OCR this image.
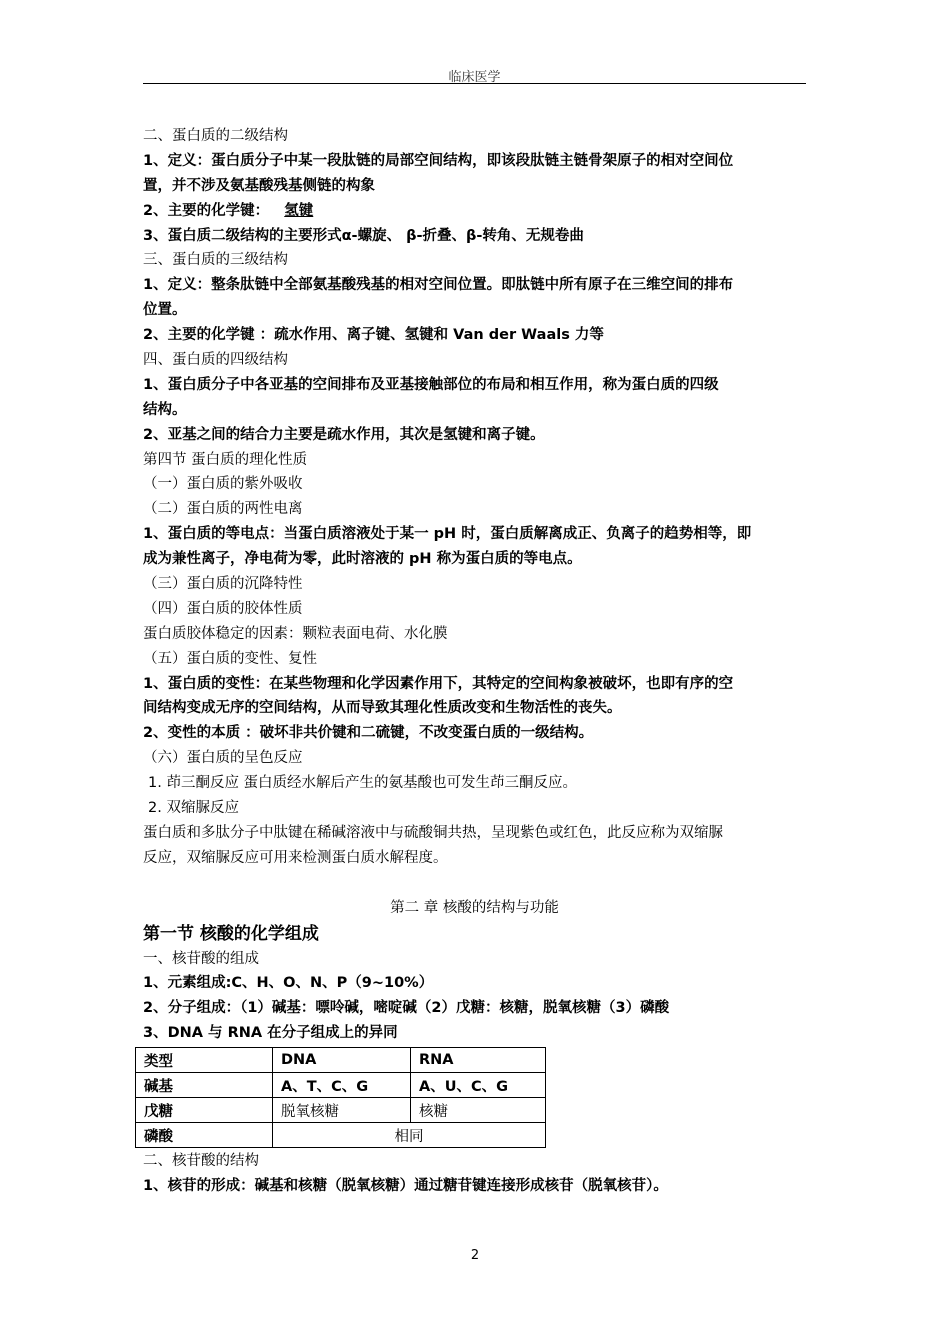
临床医学
二、蛋白质的二级结构
1、定义：蛋白质分子中某一段肽链的局部空间结构，即该段肽链主链骨架原子的相对空间位
置，并不涉及氨基酸残基侧链的构象
2、主要的化学键： 氢键
3、蛋白质二级结构的主要形式α-螺旋、 β-折叠、β-转角、无规卷曲
三、蛋白质的三级结构
1、定义：整条肽链中全部氨基酸残基的相对空间位置。即肽链中所有原子在三维空间的排布
位置。
2、主要的化学键 ：疏水作用、离子键、氢键和 Van der Waals 力等
四、蛋白质的四级结构
1、蛋白质分子中各亚基的空间排布及亚基接触部位的布局和相互作用，称为蛋白质的四级
结构。
2、亚基之间的结合力主要是疏水作用，其次是氢键和离子键。
第四节 蛋白质的理化性质
（一）蛋白质的紫外吸收
（二）蛋白质的两性电离
1、蛋白质的等电点：当蛋白质溶液处于某一 pH 时，蛋白质解离成正、负离子的趋势相等，即
成为兼性离子，净电荷为零，此时溶液的 pH 称为蛋白质的等电点。
（三）蛋白质的沉降特性
（四）蛋白质的胶体性质
蛋白质胶体稳定的因素：颗粒表面电荷、水化膜
（五）蛋白质的变性、复性
1、蛋白质的变性：在某些物理和化学因素作用下，其特定的空间构象被破坏，也即有序的空
间结构变成无序的空间结构，从而导致其理化性质改变和生物活性的丧失。
2、变性的本质 ：破坏非共价键和二硫键，不改变蛋白质的一级结构。
（六）蛋白质的呈色反应
1. 茚三酮反应 蛋白质经水解后产生的氨基酸也可发生茚三酮反应。
2. 双缩脲反应
蛋白质和多肽分子中肽键在稀碱溶液中与硫酸铜共热，呈现紫色或红色，此反应称为双缩脲
反应，双缩脲反应可用来检测蛋白质水解程度。
第二 章 核酸的结构与功能
第一节 核酸的化学组成
一、核苷酸的组成
1、元素组成:C、H、O、N、P（9~10%）
2、分子组成：（1）碱基：嘌呤碱，嘧啶碱（2）戊糖：核糖，脱氧核糖（3）磷酸
3、DNA 与 RNA 在分子组成上的异同
类型	DNA	RNA
碱基	A、T、C、G	A、U、C、G
戊糖	脱氧核糖	核糖
磷酸	相同	
二、核苷酸的结构
1、核苷的形成：碱基和核糖（脱氧核糖）通过糖苷键连接形成核苷（脱氧核苷）。
2
